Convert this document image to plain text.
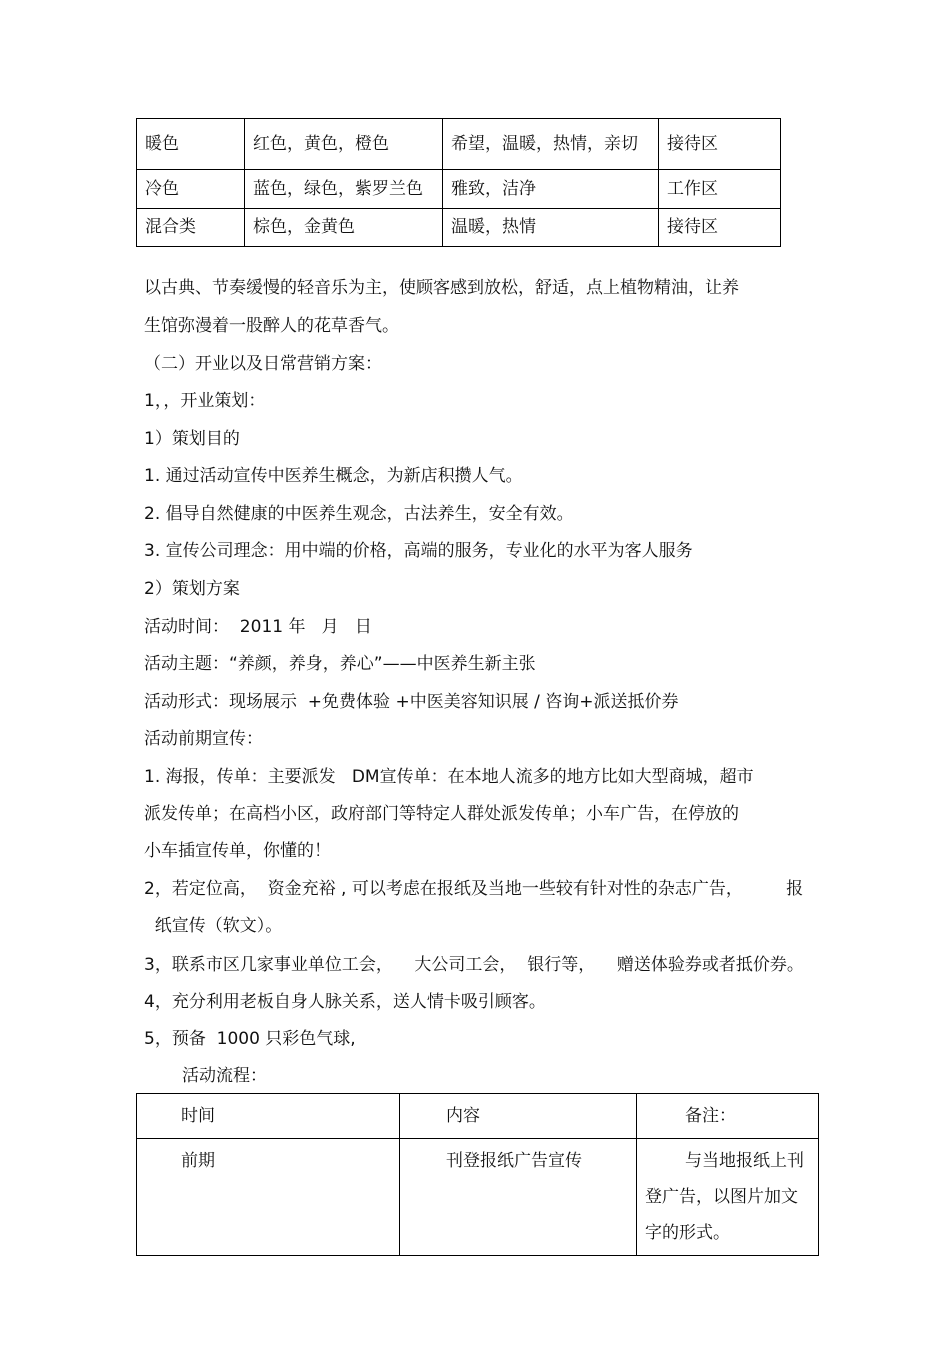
暖色	红色，黄色，橙色	希望，温暖，热情，亲切	接待区
冷色	蓝色，绿色，紫罗兰色	雅致，洁净	工作区
混合类	棕色，金黄色	温暖，热情	接待区
以古典、节奏缓慢的轻音乐为主，使顾客感到放松，舒适，点上植物精油，让养
生馆弥漫着一股醉人的花草香气。
（二）开业以及日常营销方案：
1，，开业策划：
1）策划目的
1. 通过活动宣传中医养生概念，为新店积攒人气。
2. 倡导自然健康的中医养生观念，古法养生，安全有效。
3. 宣传公司理念：用中端的价格，高端的服务，专业化的水平为客人服务
2）策划方案
活动时间：  2011 年   月   日
活动主题：“养颜，养身，养心”——中医养生新主张
活动形式：现场展示  +免费体验 +中医美容知识展 / 咨询+派送抵价券
活动前期宣传：
1. 海报，传单：主要派发   DM宣传单：在本地人流多的地方比如大型商城，超市
派发传单；在高档小区，政府部门等特定人群处派发传单；小车广告，在停放的
小车插宣传单，你懂的！
2，若定位高，  资金充裕 , 可以考虑在报纸及当地一些较有针对性的杂志广告，        报
纸宣传（软文）。
3，联系市区几家事业单位工会，    大公司工会，  银行等，    赠送体验券或者抵价券。
4，充分利用老板自身人脉关系，送人情卡吸引顾客。
5，预备  1000 只彩色气球,
活动流程：
时间	内容	备注：
前期	刊登报纸广告宣传	与当地报纸上刊登广告，以图片加文字的形式。
